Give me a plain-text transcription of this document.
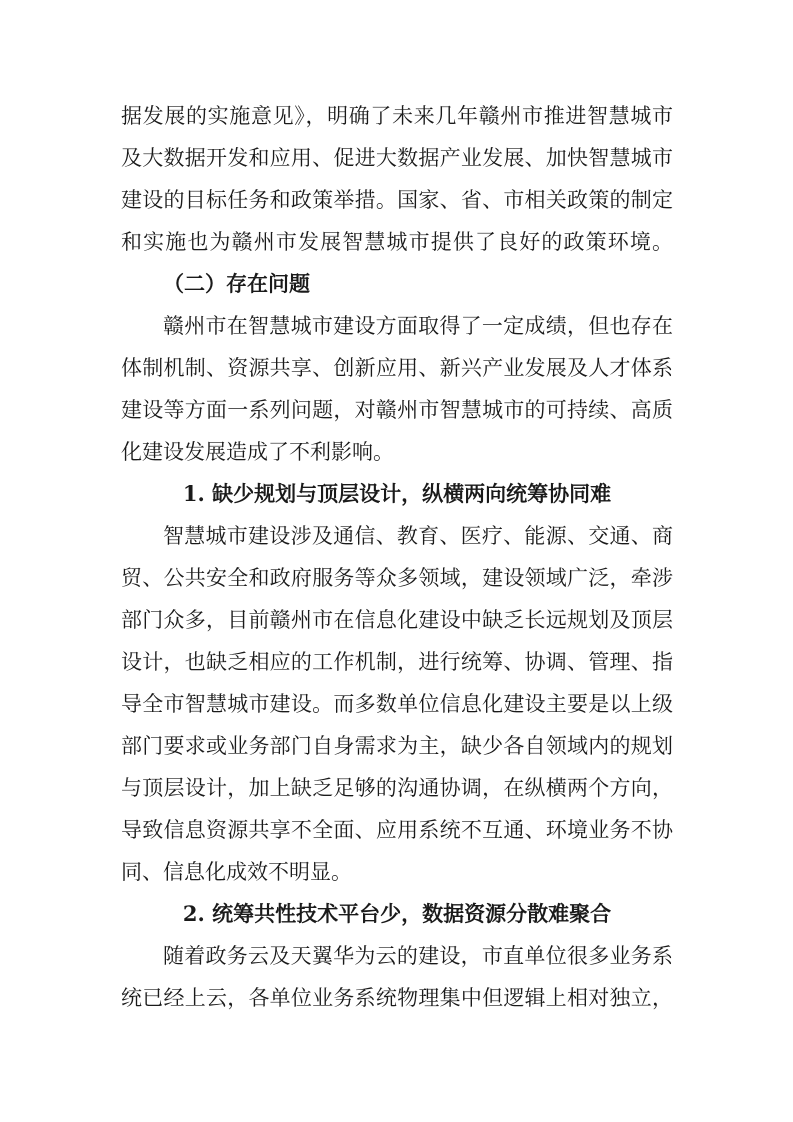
据发展的实施意见》，明确了未来几年赣州市推进智慧城市
及大数据开发和应用、促进大数据产业发展、加快智慧城市
建设的目标任务和政策举措。国家、省、市相关政策的制定
和实施也为赣州市发展智慧城市提供了良好的政策环境。
（二）存在问题
赣州市在智慧城市建设方面取得了一定成绩，但也存在
体制机制、资源共享、创新应用、新兴产业发展及人才体系
建设等方面一系列问题，对赣州市智慧城市的可持续、高质
化建设发展造成了不利影响。
1. 缺少规划与顶层设计，纵横两向统筹协同难
智慧城市建设涉及通信、教育、医疗、能源、交通、商
贸、公共安全和政府服务等众多领域，建设领域广泛，牵涉
部门众多，目前赣州市在信息化建设中缺乏长远规划及顶层
设计，也缺乏相应的工作机制，进行统筹、协调、管理、指
导全市智慧城市建设。而多数单位信息化建设主要是以上级
部门要求或业务部门自身需求为主，缺少各自领域内的规划
与顶层设计，加上缺乏足够的沟通协调，在纵横两个方向，
导致信息资源共享不全面、应用系统不互通、环境业务不协
同、信息化成效不明显。
2. 统筹共性技术平台少，数据资源分散难聚合
随着政务云及天翼华为云的建设，市直单位很多业务系
统已经上云，各单位业务系统物理集中但逻辑上相对独立，
